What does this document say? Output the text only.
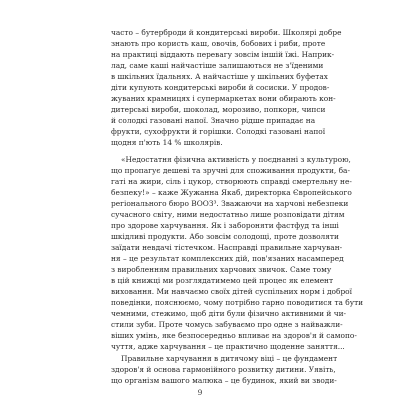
часто – бутерброди й кондитерські вироби. Школярі добре
знають про користь каш, овочів, бобових і риби, проте
на практиці віддають перевагу зовсім іншій їжі. Наприк-
лад, саме каші найчастіше залишаються не з'їденими
в шкільних їдальнях. А найчастіше у шкільних буфетах
діти купують кондитерські вироби й сосиски. У продов-
жуваних крамницях і супермаркетах вони обирають кон-
дитерські вироби, шоколад, морозиво, попкорн, чипси
й солодкі газовані напої. Значно рідше припадає на
фрукти, сухофрукти й горішки. Солодкі газовані напої
щодня п'ють 14 % школярів.
«Недостатня фізична активність у поєднанні з культурою,
що пропагує дешеві та зручні для споживання продукти, ба-
гаті на жири, сіль і цукор, створюють справді смертельну не-
безпеку!» – каже Жужанна Якаб, директорка Європейського
регіонального бюро ВООЗ³. Зважаючи на харчові небезпеки
сучасного світу, ними недостатньо лише розповідати дітям
про здорове харчування. Як і забороняти фастфуд та інші
шкідливі продукти. Або зовсім солодощі, проте дозволяти
заїдати невдачі тістечком. Насправді правильне харчуван-
ня – це результат комплексних дій, пов'язаних насамперед
з виробленням правильних харчових звичок. Саме тому
в цій книжці ми розглядатимемо цей процес як елемент
виховання. Ми навчаємо своїх дітей суспільних норм і доброї
поведінки, пояснюємо, чому потрібно гарно поводитися та бути
чемними, стежимо, щоб діти були фізично активними й чи-
стили зуби. Проте чомусь забуваємо про одне з найважли-
віших умінь, яке безпосередньо впливає на здоров'я й самопо-
чуття, адже харчування – це практично щоденне заняття...
Правильне харчування в дитячому віці – це фундамент
здоров'я й основа гармонійного розвитку дитини. Уявіть,
що організм вашого малюка – це будинок, який ви зводи-
9
